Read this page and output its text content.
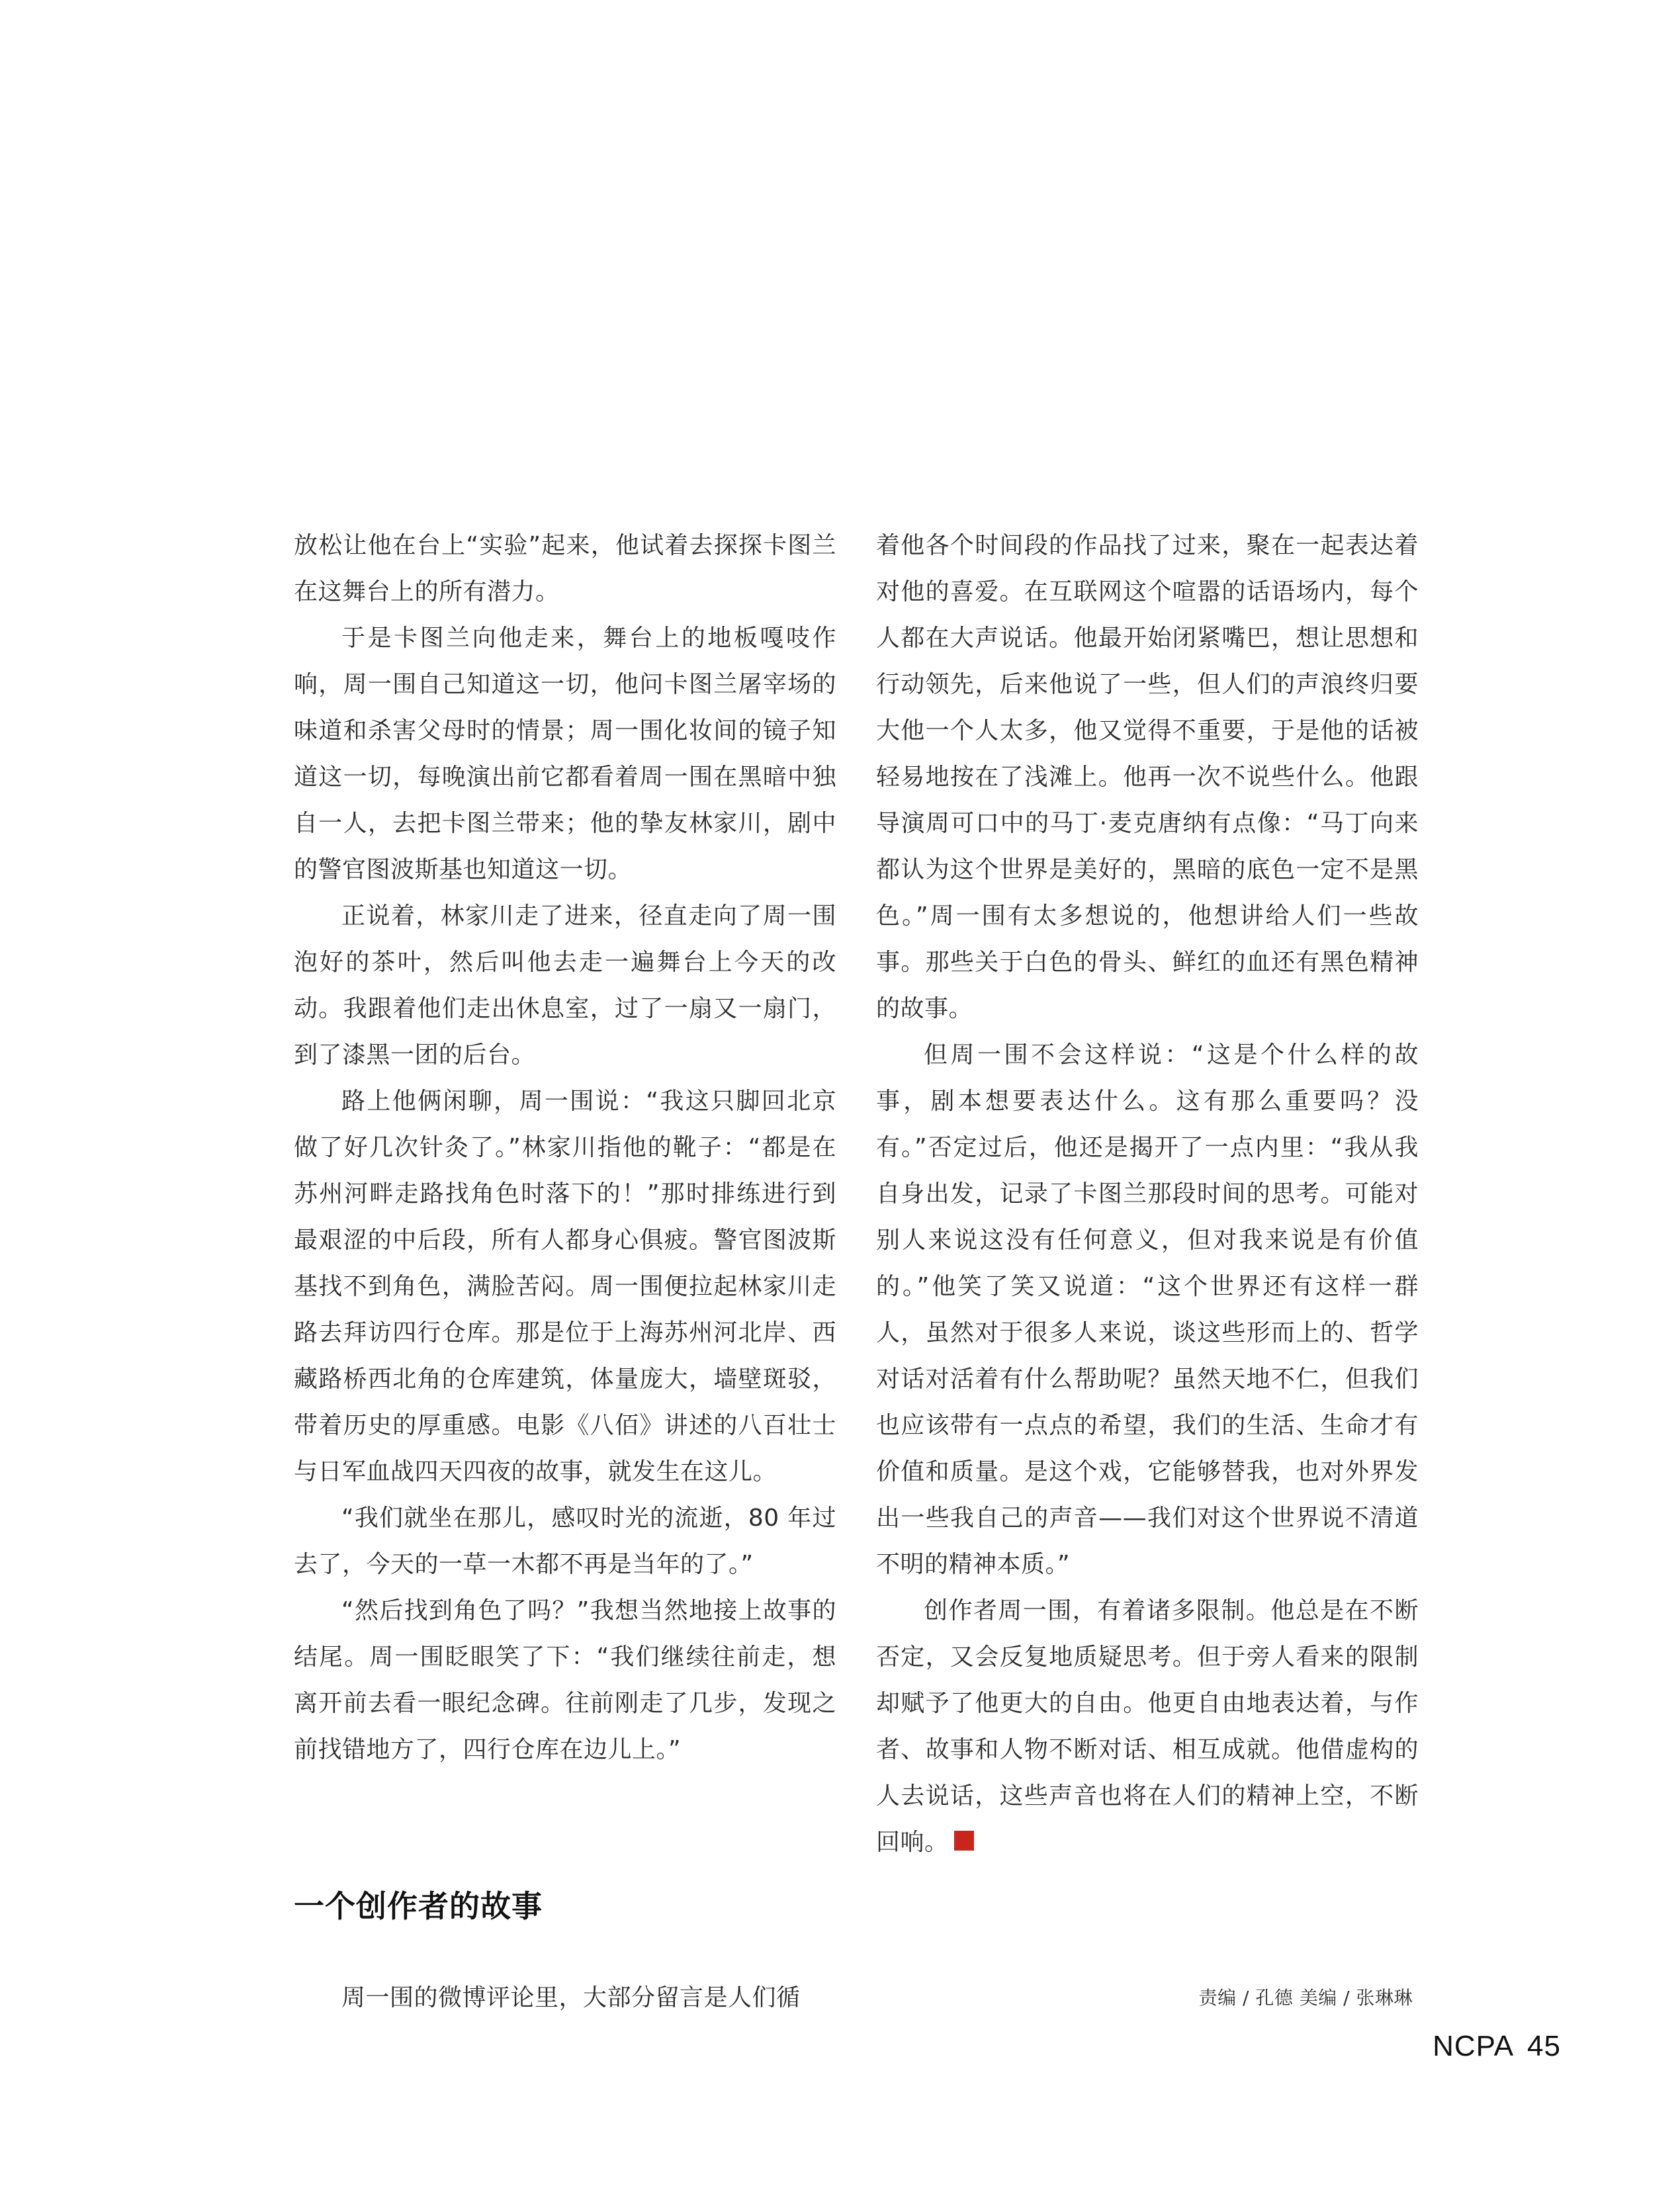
放松让他在台上“实验”起来，他试着去探探卡图兰在这舞台上的所有潜力。

于是卡图兰向他走来，舞台上的地板嘎吱作响，周一围自己知道这一切，他问卡图兰屠宰场的味道和杀害父母时的情景；周一围化妆间的镜子知道这一切，每晚演出前它都看着周一围在黑暗中独自一人，去把卡图兰带来；他的挚友林家川，剧中的警官图波斯基也知道这一切。

正说着，林家川走了进来，径直走向了周一围泡好的茶叶，然后叫他去走一遍舞台上今天的改动。我跟着他们走出休息室，过了一扇又一扇门，到了漆黑一团的后台。

路上他俩闲聊，周一围说：“我这只脚回北京做了好几次针灸了。”林家川指他的靴子：“都是在苏州河畔走路找角色时落下的！”那时排练进行到最艰涩的中后段，所有人都身心俱疲。警官图波斯基找不到角色，满脸苦闷。周一围便拉起林家川走路去拜访四行仓库。那是位于上海苏州河北岸、西藏路桥西北角的仓库建筑，体量庞大，墙壁斑驳，带着历史的厚重感。电影《八佰》讲述的八百壮士与日军血战四天四夜的故事，就发生在这儿。

“我们就坐在那儿，感叹时光的流逝，80 年过去了，今天的一草一木都不再是当年的了。”

“然后找到角色了吗？”我想当然地接上故事的结尾。周一围眨眼笑了下：“我们继续往前走，想离开前去看一眼纪念碑。往前刚走了几步，发现之前找错地方了，四行仓库在边儿上。”

一个创作者的故事

周一围的微博评论里，大部分留言是人们循

着他各个时间段的作品找了过来，聚在一起表达着对他的喜爱。在互联网这个喧嚣的话语场内，每个人都在大声说话。他最开始闭紧嘴巴，想让思想和行动领先，后来他说了一些，但人们的声浪终归要大他一个人太多，他又觉得不重要，于是他的话被轻易地按在了浅滩上。他再一次不说些什么。他跟导演周可口中的马丁·麦克唐纳有点像：“马丁向来都认为这个世界是美好的，黑暗的底色一定不是黑色。”周一围有太多想说的，他想讲给人们一些故事。那些关于白色的骨头、鲜红的血还有黑色精神的故事。

但周一围不会这样说：“这是个什么样的故事，剧本想要表达什么。这有那么重要吗？没有。”否定过后，他还是揭开了一点内里：“我从我自身出发，记录了卡图兰那段时间的思考。可能对别人来说这没有任何意义，但对我来说是有价值的。”他笑了笑又说道：“这个世界还有这样一群人，虽然对于很多人来说，谈这些形而上的、哲学对话对活着有什么帮助呢？虽然天地不仁，但我们也应该带有一点点的希望，我们的生活、生命才有价值和质量。是这个戏，它能够替我，也对外界发出一些我自己的声音——我们对这个世界说不清道不明的精神本质。”

创作者周一围，有着诸多限制。他总是在不断否定，又会反复地质疑思考。但于旁人看来的限制却赋予了他更大的自由。他更自由地表达着，与作者、故事和人物不断对话、相互成就。他借虚构的人去说话，这些声音也将在人们的精神上空，不断回响。

责编 / 孔德 美编 / 张琳琳
NCPA 45
